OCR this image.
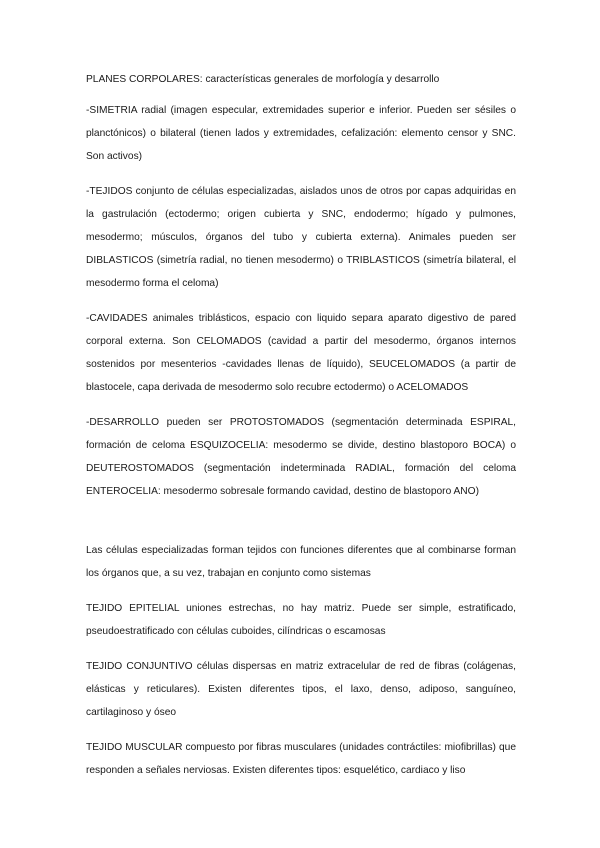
PLANES CORPOLARES: características generales de morfología y desarrollo

-SIMETRIA radial (imagen especular, extremidades superior e inferior. Pueden ser sésiles o planctónicos) o bilateral (tienen lados y extremidades, cefalización: elemento censor y SNC. Son activos)

-TEJIDOS conjunto de células especializadas, aislados unos de otros por capas adquiridas en la gastrulación (ectodermo; origen cubierta y SNC, endodermo; hígado y pulmones, mesodermo; músculos, órganos del tubo y cubierta externa). Animales pueden ser DIBLASTICOS (simetría radial, no tienen mesodermo) o TRIBLASTICOS (simetría bilateral, el mesodermo forma el celoma)

-CAVIDADES animales triblásticos, espacio con liquido separa aparato digestivo de pared corporal externa. Son CELOMADOS (cavidad a partir del mesodermo, órganos internos sostenidos por mesenterios -cavidades llenas de líquido), SEUCELOMADOS (a partir de blastocele, capa derivada de mesodermo solo recubre ectodermo) o ACELOMADOS

-DESARROLLO pueden ser PROTOSTOMADOS (segmentación determinada ESPIRAL, formación de celoma ESQUIZOCELIA: mesodermo se divide, destino blastoporo BOCA) o DEUTEROSTOMADOS (segmentación indeterminada RADIAL, formación del celoma ENTEROCELIA: mesodermo sobresale formando cavidad, destino de blastoporo ANO)

Las células especializadas forman tejidos con funciones diferentes que al combinarse forman los órganos que, a su vez, trabajan en conjunto como sistemas

TEJIDO EPITELIAL uniones estrechas, no hay matriz. Puede ser simple, estratificado, pseudoestratificado con células cuboides, cilíndricas o escamosas

TEJIDO CONJUNTIVO células dispersas en matriz extracelular de red de fibras (colágenas, elásticas y reticulares). Existen diferentes tipos, el laxo, denso, adiposo, sanguíneo, cartilaginoso y óseo

TEJIDO MUSCULAR compuesto por fibras musculares (unidades contráctiles: miofibrillas) que responden a señales nerviosas. Existen diferentes tipos: esquelético, cardiaco y liso
